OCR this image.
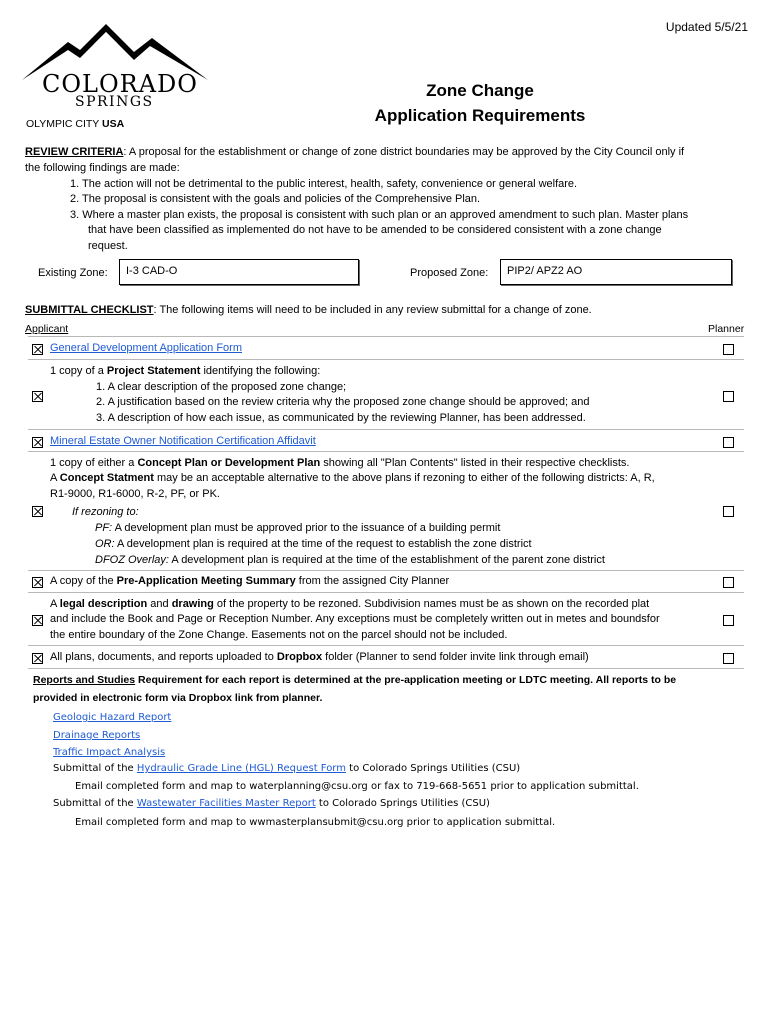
Updated 5/5/21
COLORADO
SPRINGS
OLYMPIC CITY USA
Zone Change
Application Requirements
REVIEW CRITERIA: A proposal for the establishment or change of zone district boundaries may be approved by the City Council only if
the following findings are made:
1. The action will not be detrimental to the public interest, health, safety, convenience or general welfare.
2. The proposal is consistent with the goals and policies of the Comprehensive Plan.
3. Where a master plan exists, the proposal is consistent with such plan or an approved amendment to such plan. Master plans
that have been classified as implemented do not have to be amended to be considered consistent with a zone change
request.
Existing Zone: I-3 CAD-O	Proposed Zone: PIP2/ APZ2 AO
SUBMITTAL CHECKLIST: The following items will need to be included in any review submittal for a change of zone.
Applicant	Planner
General Development Application Form
1 copy of a Project Statement identifying the following:
1. A clear description of the proposed zone change;
2. A justification based on the review criteria why the proposed zone change should be approved; and
3. A description of how each issue, as communicated by the reviewing Planner, has been addressed.
Mineral Estate Owner Notification Certification Affidavit
1 copy of either a Concept Plan or Development Plan showing all "Plan Contents" listed in their respective checklists.
A Concept Statment may be an acceptable alternative to the above plans if rezoning to either of the following districts: A, R,
R1-9000, R1-6000, R-2, PF, or PK.
If rezoning to:
PF: A development plan must be approved prior to the issuance of a building permit
OR: A development plan is required at the time of the request to establish the zone district
DFOZ Overlay: A development plan is required at the time of the establishment of the parent zone district
A copy of the Pre-Application Meeting Summary from the assigned City Planner
A legal description and drawing of the property to be rezoned. Subdivision names must be as shown on the recorded plat
and include the Book and Page or Reception Number. Any exceptions must be completely written out in metes and boundsfor
the entire boundary of the Zone Change. Easements not on the parcel should not be included.
All plans, documents, and reports uploaded to Dropbox folder (Planner to send folder invite link through email)
Reports and Studies Requirement for each report is determined at the pre-application meeting or LDTC meeting. All reports to be
provided in electronic form via Dropbox link from planner.
Geologic Hazard Report
Drainage Reports
Traffic Impact Analysis
Submittal of the Hydraulic Grade Line (HGL) Request Form to Colorado Springs Utilities (CSU)
Email completed form and map to waterplanning@csu.org or fax to 719-668-5651 prior to application submittal.
Submittal of the Wastewater Facilities Master Report to Colorado Springs Utilities (CSU)
Email completed form and map to wwmasterplansubmit@csu.org prior to application submittal.
